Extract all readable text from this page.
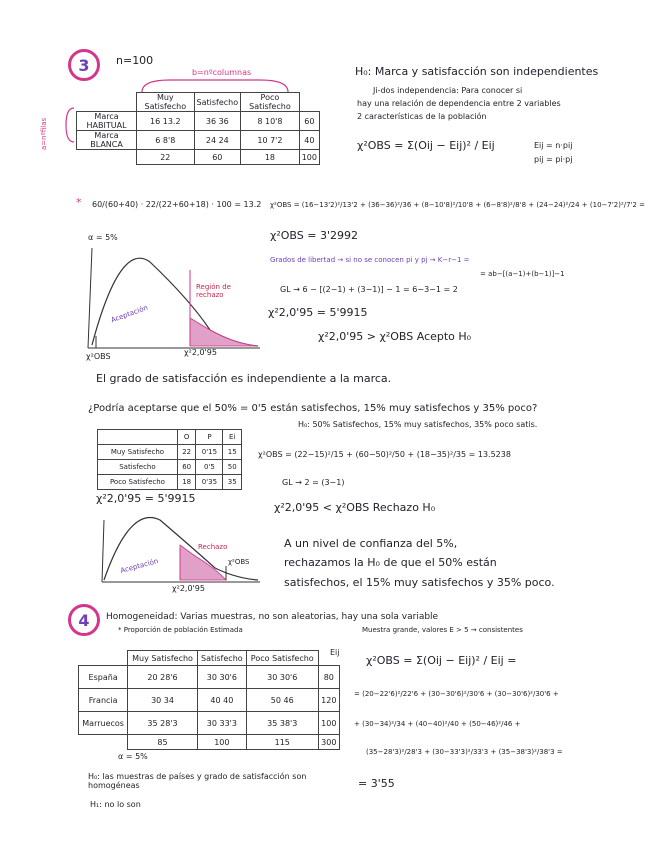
3	n=100
b=nºcolumnas
a=nºfilas
	Muy Satisfecho	Satisfecho	Poco Satisfecho	
Marca HABITUAL	16 13.2	36 36	8 10'8	60
Marca BLANCA	6 8'8	24 24	10 7'2	40
	22	60	18	100
H₀: Marca y satisfacción son independientes
Ji-dos independencia: Para conocer si
hay una relación de dependencia entre 2 variables
2 características de la población
χ²OBS = Σ(Oij − Eij)² / Eij	Eij = n·pij
pij = pi·pj
* 60/(60+40) · 22/(22+60+18) · 100 = 13.2 χ²OBS = (16−13'2)²/13'2 + (36−36)²/36 + (8−10'8)²/10'8 + (6−8'8)²/8'8 + (24−24)²/24 + (10−7'2)²/7'2 =
χ²OBS = 3'2992
α = 5%
Grados de libertad → si no se conocen pi y pj → K−r−1 =
= ab−[(a−1)+(b−1)]−1
GL → 6 − [(2−1) + (3−1)] − 1 = 6−3−1 = 2
χ²2,0'95 = 5'9915
χ²2,0'95 > χ²OBS Acepto H₀
Región de rechazo
Aceptación
χ²OBS	χ²2,0'95
El grado de satisfacción es independiente a la marca.
¿Podría aceptarse que el 50% = 0'5 están satisfechos, 15% muy satisfechos y 35% poco?
H₀: 50% Satisfechos, 15% muy satisfechos, 35% poco satis.
	O	P	Ei
Muy Satisfecho	22	0'15	15
Satisfecho	60	0'5	50
Poco Satisfecho	18	0'35	35
χ²OBS = (22−15)²/15 + (60−50)²/50 + (18−35)²/35 = 13.5238
GL → 2 = (3−1)
χ²2,0'95 = 5'9915
χ²2,0'95 < χ²OBS Rechazo H₀
Rechazo
Aceptación	χ²OBS
χ²2,0'95
A un nivel de confianza del 5%,
rechazamos la H₀ de que el 50% están
satisfechos, el 15% muy satisfechos y 35% poco.
4	Homogeneidad: Varias muestras, no son aleatorias, hay una sola variable
* Proporción de población Estimada	Muestra grande, valores E > 5 → consistentes
Eij
	Muy Satisfecho	Satisfecho	Poco Satisfecho	
España	20 28'6	30 30'6	30 30'6	80
Francia	30 34	40 40	50 46	120
Marruecos	35 28'3	30 33'3	35 38'3	100
	85	100	115	300
α = 5%
χ²OBS = Σ(Oij − Eij)² / Eij =
= (20−22'6)²/22'6 + (30−30'6)²/30'6 + (30−30'6)²/30'6 +
+ (30−34)²/34 + (40−40)²/40 + (50−46)²/46 +
(35−28'3)²/28'3 + (30−33'3)²/33'3 + (35−38'3)²/38'3 =
= 3'55
H₀: las muestras de países y grado de satisfacción son homogéneas
H₁: no lo son
